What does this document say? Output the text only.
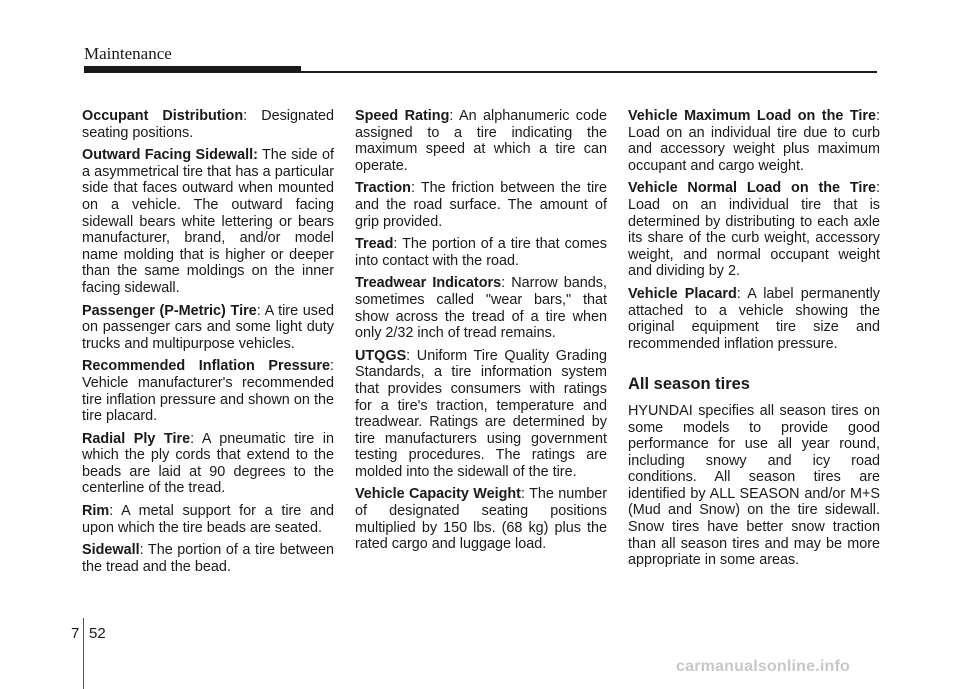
Maintenance

Occupant Distribution: Designated seating positions.

Outward Facing Sidewall: The side of a asymmetrical tire that has a particular side that faces outward when mounted on a vehicle. The outward facing sidewall bears white lettering or bears manufacturer, brand, and/or model name molding that is higher or deeper than the same moldings on the inner facing sidewall.

Passenger (P-Metric) Tire: A tire used on passenger cars and some light duty trucks and multipurpose vehicles.

Recommended Inflation Pressure: Vehicle manufacturer's recommended tire inflation pressure and shown on the tire placard.

Radial Ply Tire: A pneumatic tire in which the ply cords that extend to the beads are laid at 90 degrees to the centerline of the tread.

Rim: A metal support for a tire and upon which the tire beads are seated.

Sidewall: The portion of a tire between the tread and the bead.

Speed Rating: An alphanumeric code assigned to a tire indicating the maximum speed at which a tire can operate.

Traction: The friction between the tire and the road surface. The amount of grip provided.

Tread: The portion of a tire that comes into contact with the road.

Treadwear Indicators: Narrow bands, sometimes called "wear bars," that show across the tread of a tire when only 2/32 inch of tread remains.

UTQGS: Uniform Tire Quality Grading Standards, a tire information system that provides consumers with ratings for a tire's traction, temperature and treadwear. Ratings are determined by tire manufacturers using government testing procedures. The ratings are molded into the sidewall of the tire.

Vehicle Capacity Weight: The number of designated seating positions multiplied by 150 lbs. (68 kg) plus the rated cargo and luggage load.

Vehicle Maximum Load on the Tire: Load on an individual tire due to curb and accessory weight plus maximum occupant and cargo weight.

Vehicle Normal Load on the Tire: Load on an individual tire that is determined by distributing to each axle its share of the curb weight, accessory weight, and normal occupant weight and dividing by 2.

Vehicle Placard: A label permanently attached to a vehicle showing the original equipment tire size and recommended inflation pressure.

All season tires

HYUNDAI specifies all season tires on some models to provide good performance for use all year round, including snowy and icy road conditions. All season tires are identified by ALL SEASON and/or M+S (Mud and Snow) on the tire sidewall. Snow tires have better snow traction than all season tires and may be more appropriate in some areas.

7 52
carmanualsonline.info
